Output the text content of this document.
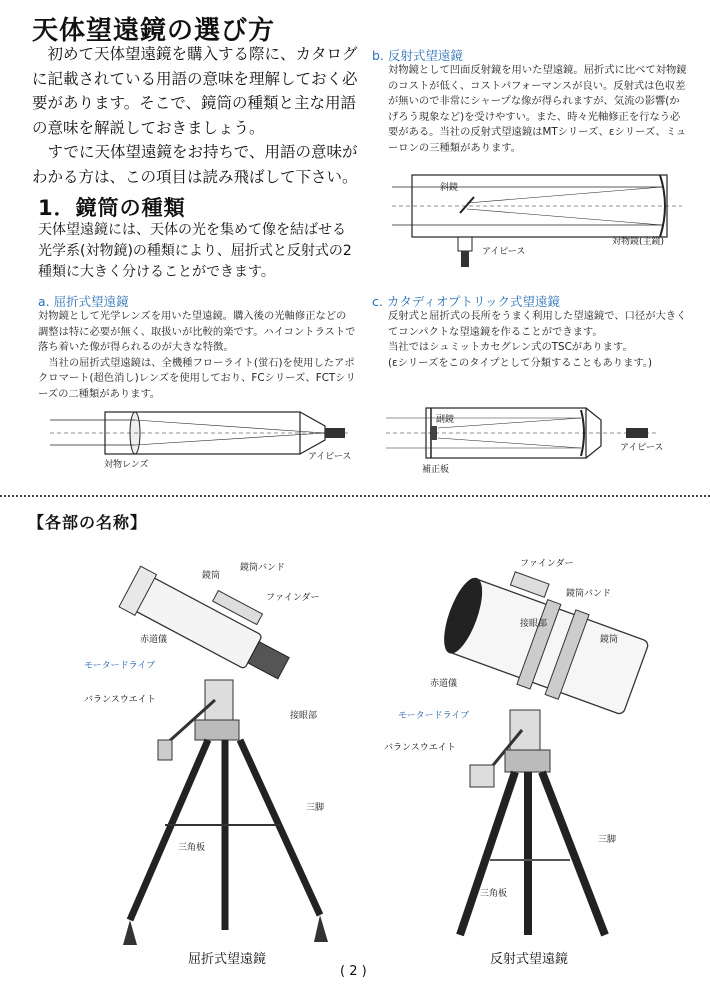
天体望遠鏡の選び方

初めて天体望遠鏡を購入する際に、カタログに記載されている用語の意味を理解しておく必要があります。そこで、鏡筒の種類と主な用語の意味を解説しておきましょう。

すでに天体望遠鏡をお持ちで、用語の意味がわかる方は、この項目は読み飛ばして下さい。

1．鏡筒の種類
天体望遠鏡には、天体の光を集めて像を結ばせる光学系(対物鏡)の種類により、屈折式と反射式の2種類に大きく分けることができます。
a. 屈折式望遠鏡

対物鏡として光学レンズを用いた望遠鏡。購入後の光軸修正などの調整は特に必要が無く、取扱いが比較的楽です。ハイコントラストで落ち着いた像が得られるのが大きな特徴。

当社の屈折式望遠鏡は、全機種フローライト(蛍石)を使用したアポクロマート(超色消し)レンズを使用しており、FCシリーズ、FCTシリーズの二種類があります。

対物レンズ
アイピース
b. 反射式望遠鏡
対物鏡として凹面反射鏡を用いた望遠鏡。屈折式に比べて対物鏡のコストが低く、コストパフォーマンスが良い。反射式は色収差が無いので非常にシャープな像が得られますが、気流の影響(かげろう現象など)を受けやすい。また、時々光軸修正を行なう必要がある。当社の反射式望遠鏡はMTシリーズ、εシリーズ、ミューロンの三種類があります。
斜鏡
アイピース
対物鏡(主鏡)
c. カタディオプトリック式望遠鏡

反射式と屈折式の長所をうまく利用した望遠鏡で、口径が大きくてコンパクトな望遠鏡を作ることができます。

当社ではシュミットカセグレン式のTSCがあります。

(εシリーズをこのタイプとして分類することもあります。)

副鏡
アイピース
補正板
【各部の名称】
鏡筒
鏡筒バンド
ファインダー
赤道儀
モータードライブ
バランスウエイト
接眼部
三脚
三角板
屈折式望遠鏡
ファインダー
鏡筒バンド
接眼部
鏡筒
赤道儀
モータードライブ
バランスウエイト
三脚
三角板
反射式望遠鏡
( 2 )
